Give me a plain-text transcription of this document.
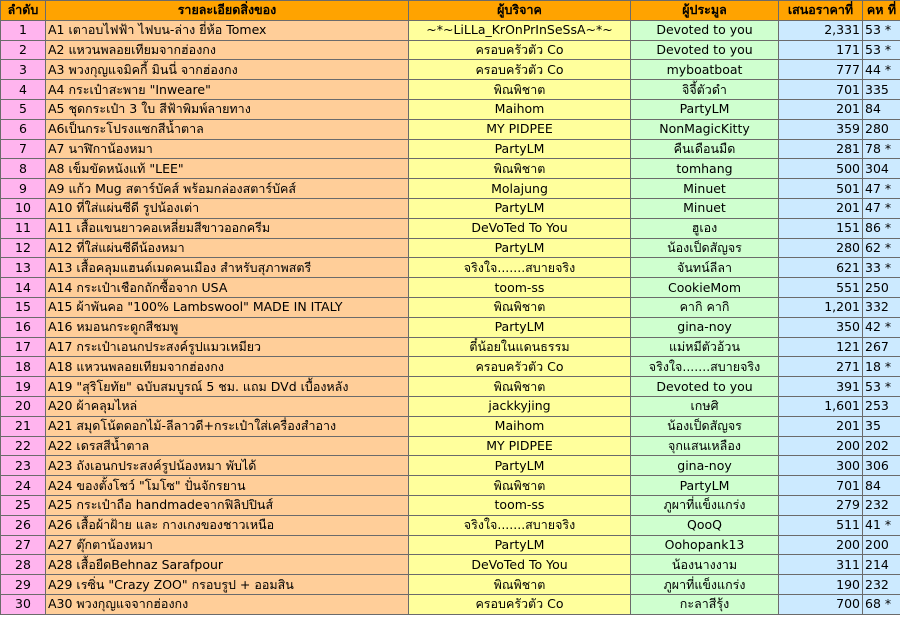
ลำดับ	รายละเอียดสิ่งของ	ผู้บริจาค	ผู้ประมูล	เสนอราคาที่	คห ที่
1	A1 เตาอบไฟฟ้า ไฟบน-ล่าง ยี่ห้อ Tomex	~*~LiLLa_KrOnPrInSeSsA~*~	Devoted to you	2,331	53 *
2	A2 แหวนพลอยเทียมจากฮ่องกง	ครอบครัวตัว Co	Devoted to you	171	53 *
3	A3 พวงกุญแจมิคกี้ มินนี่ จากฮ่องกง	ครอบครัวตัว Co	myboatboat	777	44 *
4	A4 กระเป๋าสะพาย "Inweare"	พิณพิชาต	จิจี้ตัวดำ	701	335
5	A5 ชุดกระเป๋า 3 ใบ สีฟ้าพิมพ์ลายทาง	Maihom	PartyLM	201	84
6	A6เป็นกระโปรงแซกสีน้ำตาล	MY PIDPEE	NonMagicKitty	359	280
7	A7 นาฬิกาน้องหมา	PartyLM	คืนเดือนมืด	281	78 *
8	A8 เข็มขัดหนังแท้ "LEE"	พิณพิชาต	tomhang	500	304
9	A9 แก้ว Mug สตาร์บัคส์ พร้อมกล่องสตาร์บัคส์	Molajung	Minuet	501	47 *
10	A10 ที่ใส่แผ่นซีดี รูปน้องเต่า	PartyLM	Minuet	201	47 *
11	A11 เสื้อแขนยาวคอเหลี่ยมสีขาวออกครีม	DeVoTed To You	ฮูเอง	151	86 *
12	A12 ที่ใส่แผ่นซีดีน้องหมา	PartyLM	น้องเป็ดสัญจร	280	62 *
13	A13 เสื้อคลุมแฮนด์เมดคนเมือง สำหรับสุภาพสตรี	จริงใจ.......สบายจริง	จันทน์ลีลา	621	33 *
14	A14 กระเป๋าเชือกถักซื้อจาก USA	toom-ss	CookieMom	551	250
15	A15 ผ้าพันคอ "100% Lambswool" MADE IN ITALY	พิณพิชาต	คากิ คากิ	1,201	332
16	A16 หมอนกระดูกสีชมพู	PartyLM	gina-noy	350	42 *
17	A17 กระเป๋าเอนกประสงค์รูปแมวเหมียว	ตี๋น้อยในแดนธรรม	แม่หมีตัวอ้วน	121	267
18	A18 แหวนพลอยเทียมจากฮ่องกง	ครอบครัวตัว Co	จริงใจ.......สบายจริง	271	18 *
19	A19 "สุริโยทัย" ฉบับสมบูรณ์ 5 ชม. แถม DVd เบื้องหลัง	พิณพิชาต	Devoted to you	391	53 *
20	A20 ผ้าคลุมไหล่	jackkyjing	เกษศิ	1,601	253
21	A21 สมุดโน้ตดอกไม้-ลีลาวดี+กระเป๋าใส่เครื่องสำอาง	Maihom	น้องเป็ดสัญจร	201	35
22	A22 เดรสสีน้ำตาล	MY PIDPEE	จุกแสนเหลือง	200	202
23	A23 ถังเอนกประสงค์รูปน้องหมา พับได้	PartyLM	gina-noy	300	306
24	A24 ของตั้งโชว์ "โมโซ" ปั่นจักรยาน	พิณพิชาต	PartyLM	701	84
25	A25 กระเป๋าถือ handmadeจากฟิลิปปินส์	toom-ss	ภูผาที่แข็งแกร่ง	279	232
26	A26 เสื้อผ้าฝ้าย และ กางเกงของชาวเหนือ	จริงใจ.......สบายจริง	QooQ	511	41 *
27	A27 ตุ๊กตาน้องหมา	PartyLM	Oohopank13	200	200
28	A28 เสื้อยืดBehnaz Sarafpour	DeVoTed To You	น้องนางงาม	311	214
29	A29 เรซิ่น "Crazy ZOO" กรอบรูป + ออมสิน	พิณพิชาต	ภูผาที่แข็งแกร่ง	190	232
30	A30 พวงกุญแจจากฮ่องกง	ครอบครัวตัว Co	กะลาสีรุ้ง	700	68 *
